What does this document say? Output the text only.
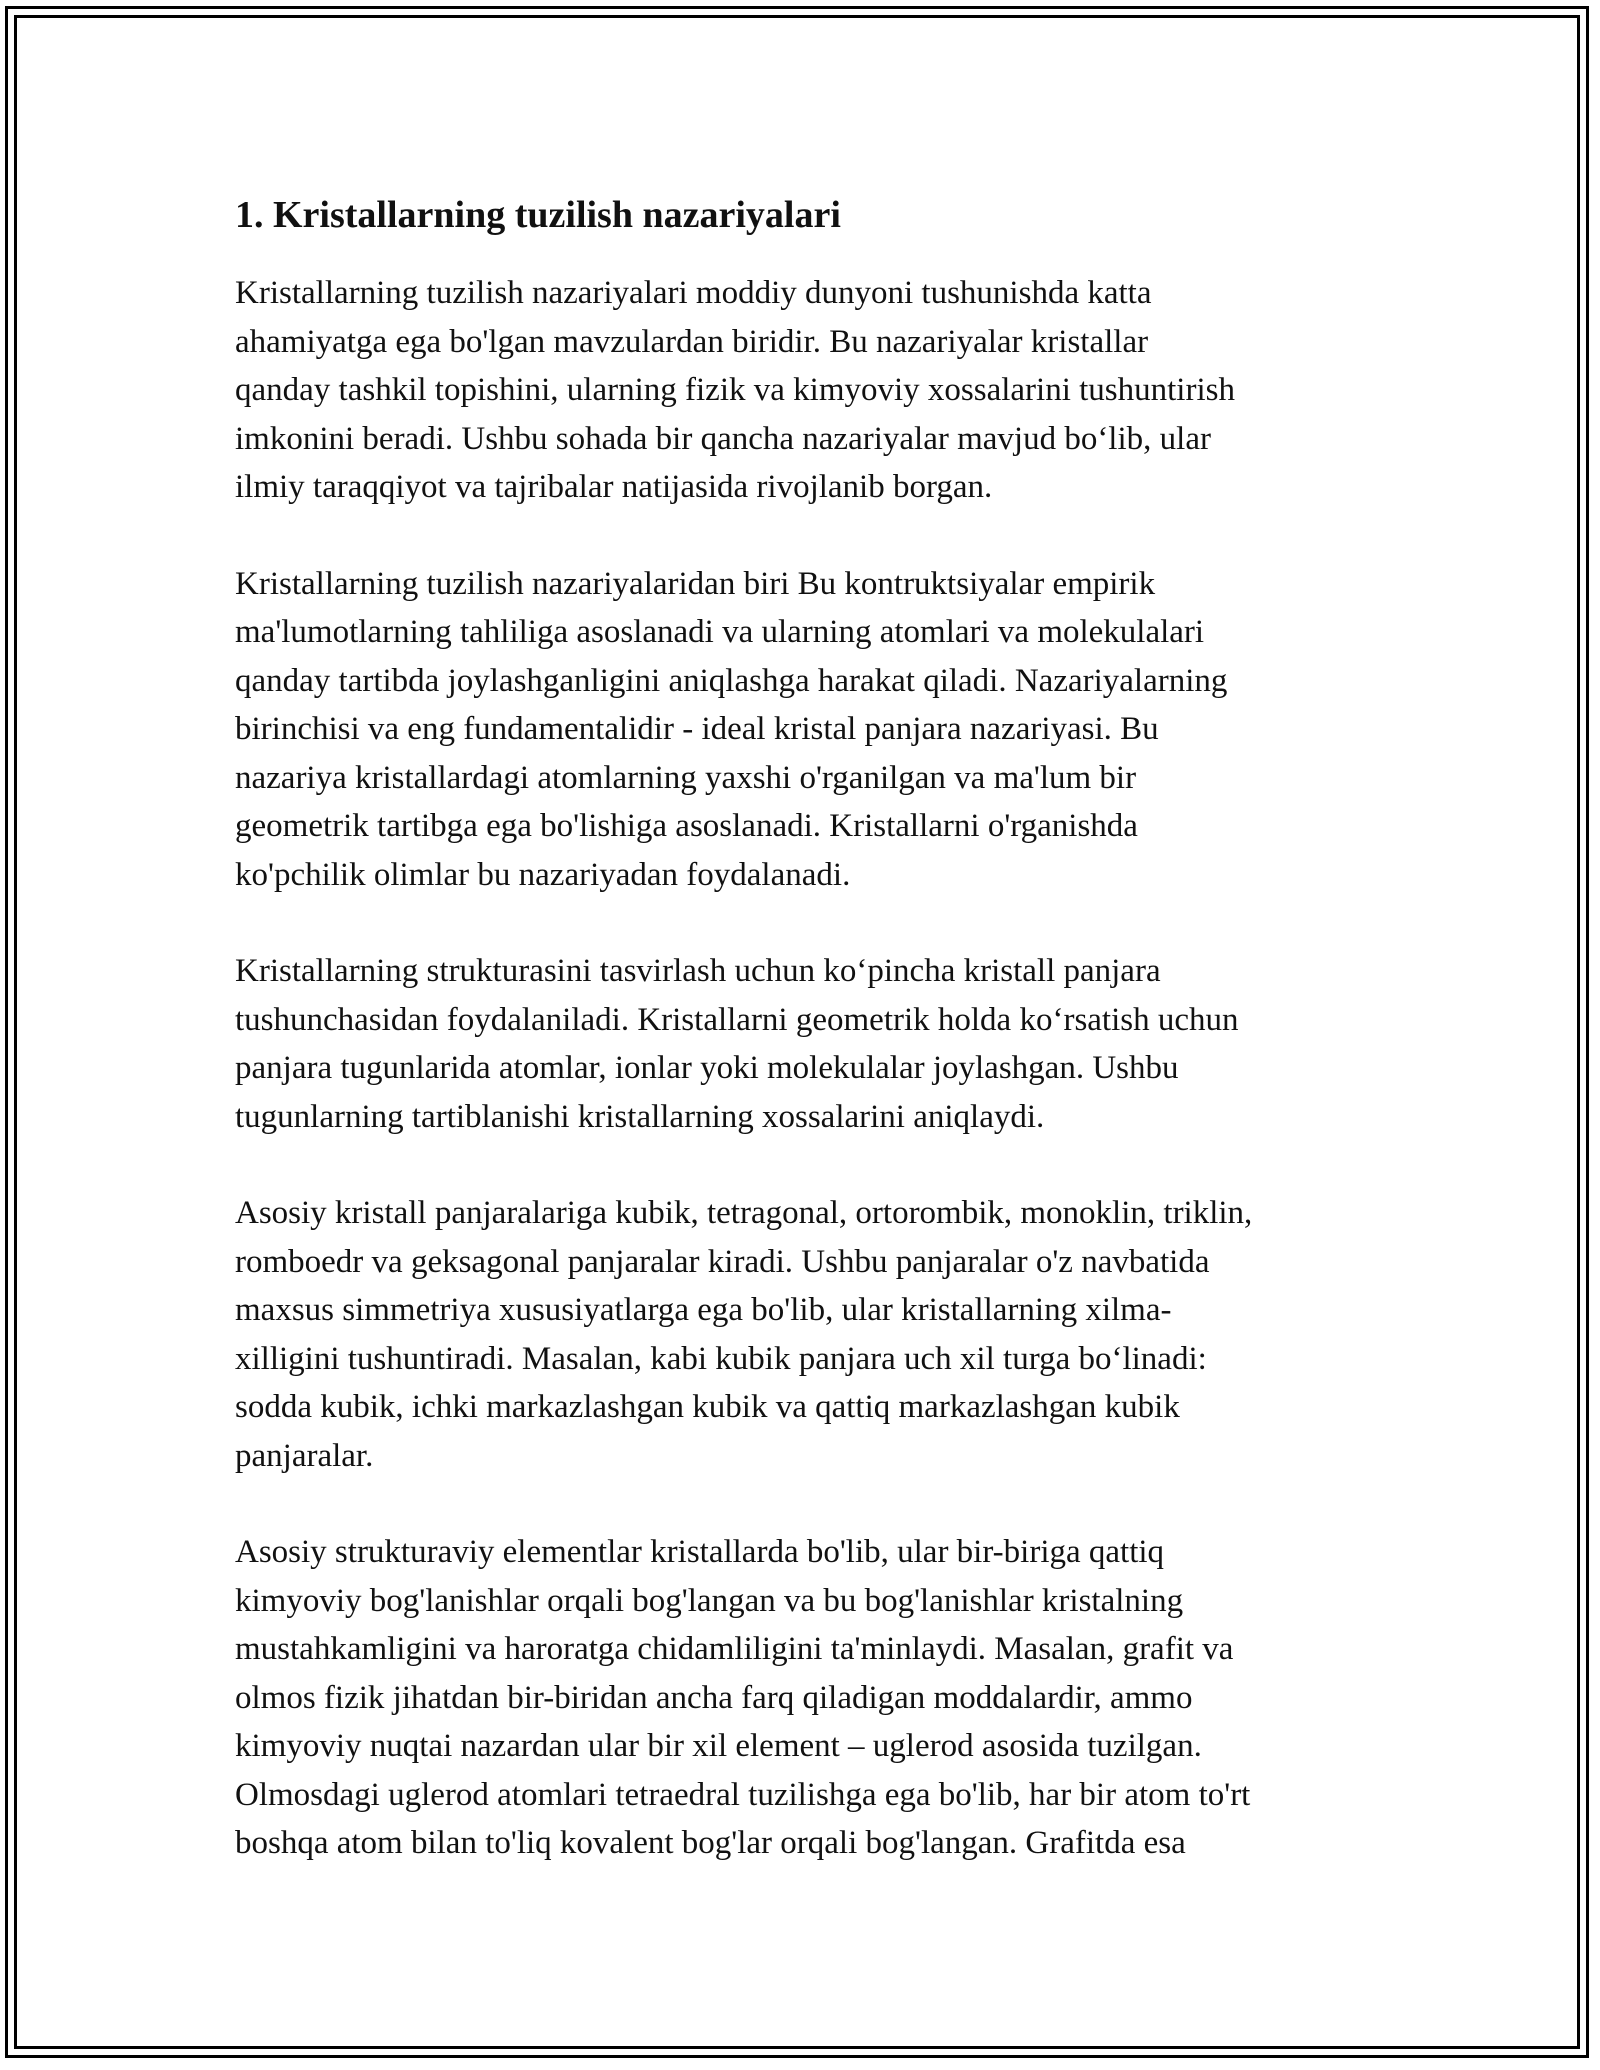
1. Kristallarning tuzilish nazariyalari

Kristallarning tuzilish nazariyalari moddiy dunyoni tushunishda katta
ahamiyatga ega bo'lgan mavzulardan biridir. Bu nazariyalar kristallar
qanday tashkil topishini, ularning fizik va kimyoviy xossalarini tushuntirish
imkonini beradi. Ushbu sohada bir qancha nazariyalar mavjud bo‘lib, ular
ilmiy taraqqiyot va tajribalar natijasida rivojlanib borgan.

Kristallarning tuzilish nazariyalaridan biri Bu kontruktsiyalar empirik
ma'lumotlarning tahliliga asoslanadi va ularning atomlari va molekulalari
qanday tartibda joylashganligini aniqlashga harakat qiladi. Nazariyalarning
birinchisi va eng fundamentalidir - ideal kristal panjara nazariyasi. Bu
nazariya kristallardagi atomlarning yaxshi o'rganilgan va ma'lum bir
geometrik tartibga ega bo'lishiga asoslanadi. Kristallarni o'rganishda
ko'pchilik olimlar bu nazariyadan foydalanadi.

Kristallarning strukturasini tasvirlash uchun ko‘pincha kristall panjara
tushunchasidan foydalaniladi. Kristallarni geometrik holda ko‘rsatish uchun
panjara tugunlarida atomlar, ionlar yoki molekulalar joylashgan. Ushbu
tugunlarning tartiblanishi kristallarning xossalarini aniqlaydi.

Asosiy kristall panjaralariga kubik, tetragonal, ortorombik, monoklin, triklin,
romboedr va geksagonal panjaralar kiradi. Ushbu panjaralar o'z navbatida
maxsus simmetriya xususiyatlarga ega bo'lib, ular kristallarning xilma-
xilligini tushuntiradi. Masalan, kabi kubik panjara uch xil turga bo‘linadi:
sodda kubik, ichki markazlashgan kubik va qattiq markazlashgan kubik
panjaralar.

Asosiy strukturaviy elementlar kristallarda bo'lib, ular bir-biriga qattiq
kimyoviy bog'lanishlar orqali bog'langan va bu bog'lanishlar kristalning
mustahkamligini va haroratga chidamliligini ta'minlaydi. Masalan, grafit va
olmos fizik jihatdan bir-biridan ancha farq qiladigan moddalardir, ammo
kimyoviy nuqtai nazardan ular bir xil element – uglerod asosida tuzilgan.
Olmosdagi uglerod atomlari tetraedral tuzilishga ega bo'lib, har bir atom to'rt
boshqa atom bilan to'liq kovalent bog'lar orqali bog'langan. Grafitda esa
